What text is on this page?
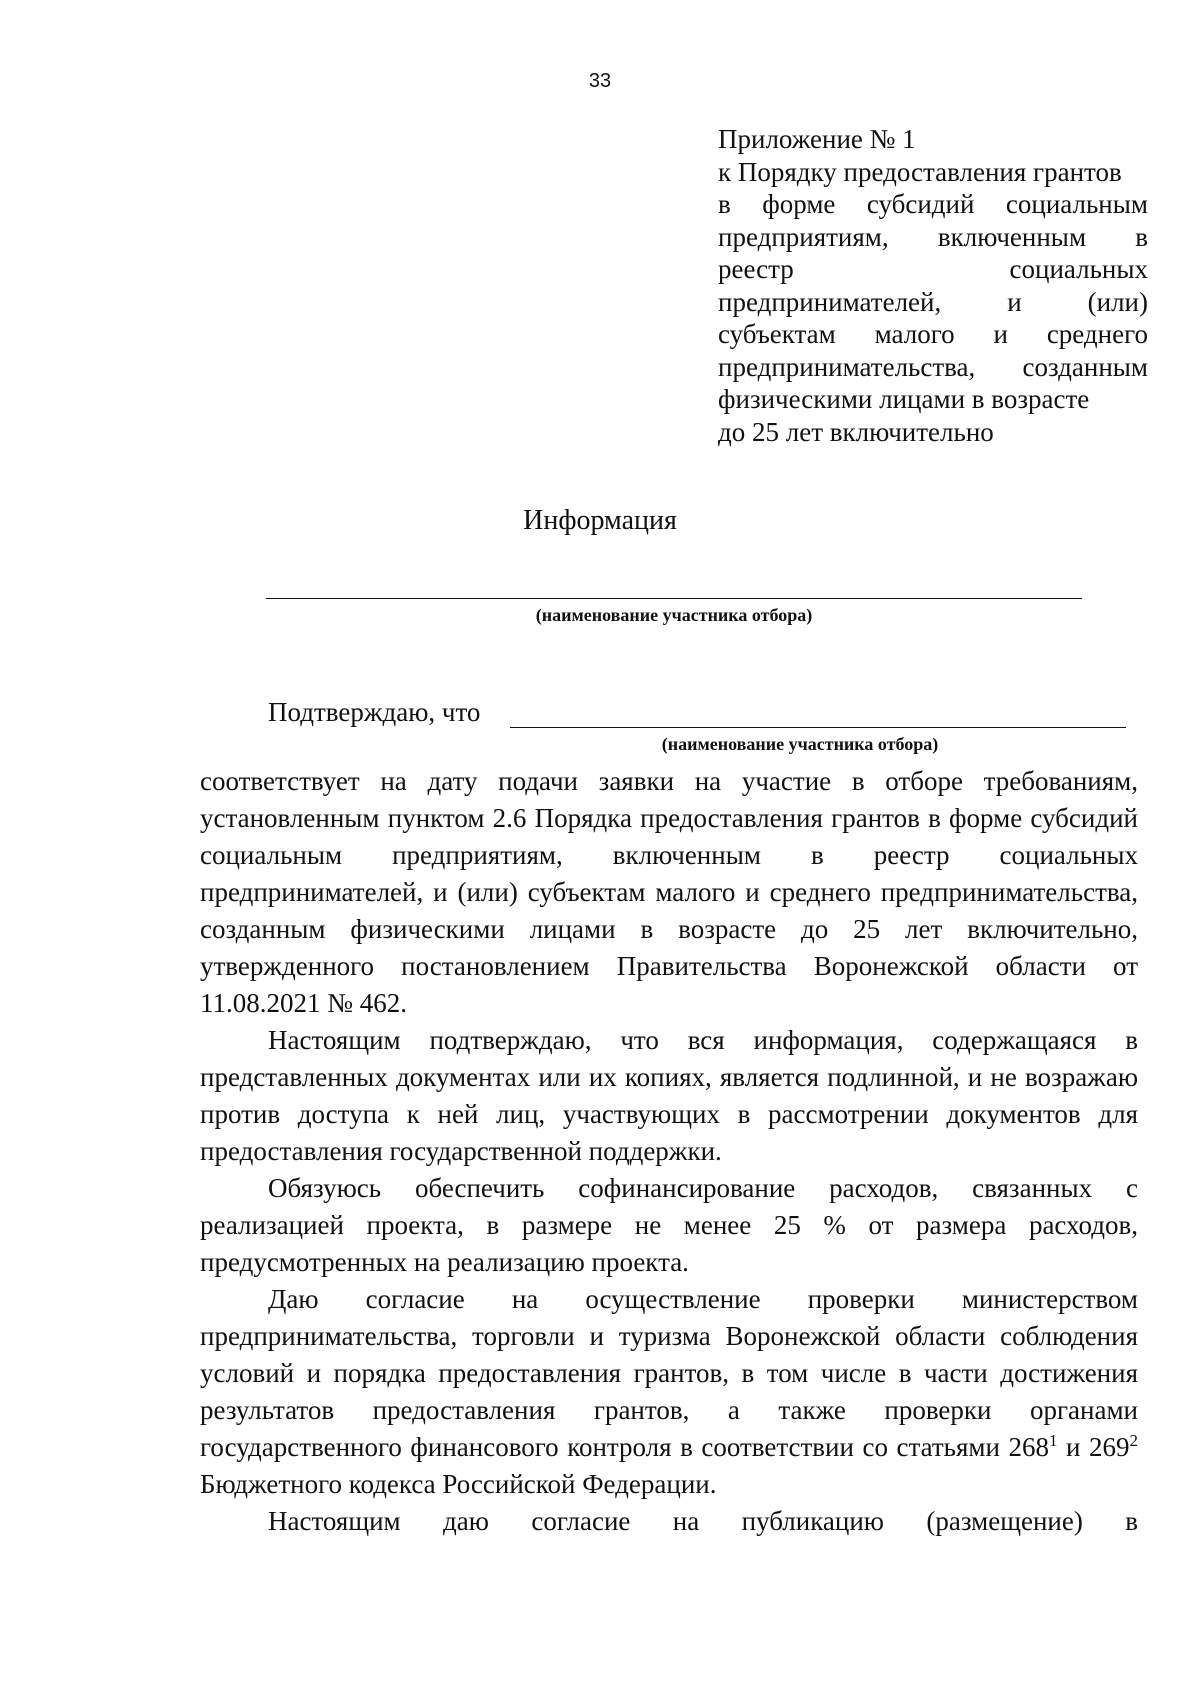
33
Приложение № 1
к Порядку предоставления грантов
в форме субсидий социальным
предприятиям, включенным в
реестр социальных
предпринимателей, и (или)
субъектам малого и среднего
предпринимательства, созданным
физическими лицами в возрасте
до 25 лет включительно
Информация
(наименование участника отбора)
Подтверждаю, что
(наименование участника отбора)

соответствует на дату подачи заявки на участие в отборе требованиям, установленным пунктом 2.6 Порядка предоставления грантов в форме субсидий социальным предприятиям, включенным в реестр социальных предпринимателей, и (или) субъектам малого и среднего предпринимательства, созданным физическими лицами в возрасте до 25 лет включительно, утвержденного постановлением Правительства Воронежской области от 11.08.2021 № 462.

Настоящим подтверждаю, что вся информация, содержащаяся в представленных документах или их копиях, является подлинной, и не возражаю против доступа к ней лиц, участвующих в рассмотрении документов для предоставления государственной поддержки.

Обязуюсь обеспечить софинансирование расходов, связанных с реализацией проекта, в размере не менее 25 % от размера расходов, предусмотренных на реализацию проекта.

Даю согласие на осуществление проверки министерством предпринимательства, торговли и туризма Воронежской области соблюдения условий и порядка предоставления грантов, в том числе в части достижения результатов предоставления грантов, а также проверки органами государственного финансового контроля в соответствии со статьями $268^1$ и $269^2$ Бюджетного кодекса Российской Федерации.

Настоящим даю согласие на публикацию (размещение) в
